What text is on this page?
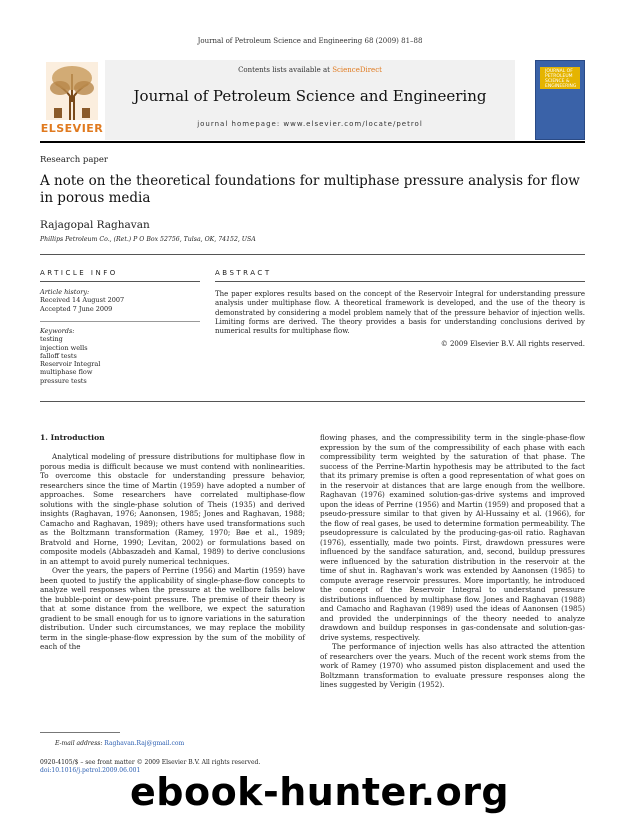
Journal of Petroleum Science and Engineering 68 (2009) 81–88
ELSEVIER
Contents lists available at ScienceDirect
Journal of Petroleum Science and Engineering
journal homepage: www.elsevier.com/locate/petrol
JOURNAL OF PETROLEUM SCIENCE & ENGINEERING
Research paper
A note on the theoretical foundations for multiphase pressure analysis for flow in porous media
Rajagopal Raghavan
Phillips Petroleum Co., (Ret.) P O Box 52756, Tulsa, OK, 74152, USA
ARTICLE INFO	ABSTRACT
Article history:
Received 14 August 2007
Accepted 7 June 2009
Keywords:
testing
injection wells
falloff tests
Reservoir Integral
multiphase flow
pressure tests
The paper explores results based on the concept of the Reservoir Integral for understanding pressure analysis under multiphase flow. A theoretical framework is developed, and the use of the theory is demonstrated by considering a model problem namely that of the pressure behavior of injection wells. Limiting forms are derived. The theory provides a basis for understanding conclusions derived by numerical results for multiphase flow.
© 2009 Elsevier B.V. All rights reserved.
1. Introduction

Analytical modeling of pressure distributions for multiphase flow in porous media is difficult because we must contend with nonlinearities. To overcome this obstacle for understanding pressure behavior, researchers since the time of Martin (1959) have adopted a number of approaches. Some researchers have correlated multiphase-flow solutions with the single-phase solution of Theis (1935) and derived insights (Raghavan, 1976; Aanonsen, 1985; Jones and Raghavan, 1988; Camacho and Raghavan, 1989); others have used transformations such as the Boltzmann transformation (Ramey, 1970; Bøe et al., 1989; Bratvold and Horne, 1990; Levitan, 2002) or formulations based on composite models (Abbaszadeh and Kamal, 1989) to derive conclusions in an attempt to avoid purely numerical techniques.

Over the years, the papers of Perrine (1956) and Martin (1959) have been quoted to justify the applicability of single-phase-flow concepts to analyze well responses when the pressure at the wellbore falls below the bubble-point or dew-point pressure. The premise of their theory is that at some distance from the wellbore, we expect the saturation gradient to be small enough for us to ignore variations in the saturation distribution. Under such circumstances, we may replace the mobility term in the single-phase-flow expression by the sum of the mobility of each of the

flowing phases, and the compressibility term in the single-phase-flow expression by the sum of the compressibility of each phase with each compressibility term weighted by the saturation of that phase. The success of the Perrine-Martin hypothesis may be attributed to the fact that its primary premise is often a good representation of what goes on in the reservoir at distances that are large enough from the wellbore. Raghavan (1976) examined solution-gas-drive systems and improved upon the ideas of Perrine (1956) and Martin (1959) and proposed that a pseudo-pressure similar to that given by Al-Hussainy et al. (1966), for the flow of real gases, be used to determine formation permeability. The pseudopressure is calculated by the producing-gas-oil ratio. Raghavan (1976), essentially, made two points. First, drawdown pressures were influenced by the sandface saturation, and, second, buildup pressures were influenced by the saturation distribution in the reservoir at the time of shut in. Raghavan's work was extended by Aanonsen (1985) to compute average reservoir pressures. More importantly, he introduced the concept of the Reservoir Integral to understand pressure distributions influenced by multiphase flow. Jones and Raghavan (1988) and Camacho and Raghavan (1989) used the ideas of Aanonsen (1985) and provided the underpinnings of the theory needed to analyze drawdown and buildup responses in gas-condensate and solution-gas-drive systems, respectively.

The performance of injection wells has also attracted the attention of researchers over the years. Much of the recent work stems from the work of Ramey (1970) who assumed piston displacement and used the Boltzmann transformation to evaluate pressure responses along the lines suggested by Verigin (1952).

E-mail address: Raghavan.Raj@gmail.com
0920-4105/$ – see front matter © 2009 Elsevier B.V. All rights reserved.
doi:10.1016/j.petrol.2009.06.001
ebook-hunter.org
